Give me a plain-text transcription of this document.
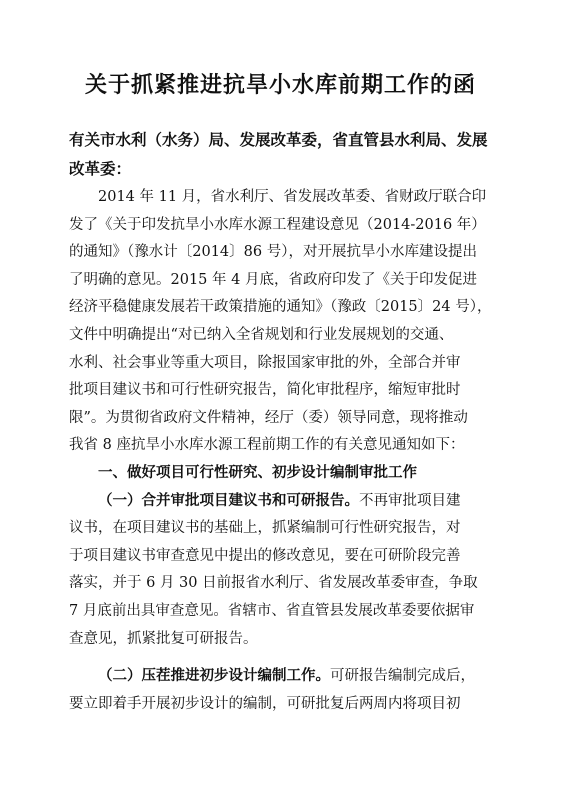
关于抓紧推进抗旱小水库前期工作的函
有关市水利（水务）局、发展改革委，省直管县水利局、发展
改革委：
2014 年 11 月，省水利厅、省发展改革委、省财政厅联合印
发了《关于印发抗旱小水库水源工程建设意见（2014-2016 年）
的通知》（豫水计〔2014〕86 号），对开展抗旱小水库建设提出
了明确的意见。2015 年 4 月底，省政府印发了《关于印发促进
经济平稳健康发展若干政策措施的通知》（豫政〔2015〕24 号），
文件中明确提出“对已纳入全省规划和行业发展规划的交通、
水利、社会事业等重大项目，除报国家审批的外，全部合并审
批项目建议书和可行性研究报告，简化审批程序，缩短审批时
限”。为贯彻省政府文件精神，经厅（委）领导同意，现将推动
我省 8 座抗旱小水库水源工程前期工作的有关意见通知如下：
一、做好项目可行性研究、初步设计编制审批工作
（一）合并审批项目建议书和可研报告。不再审批项目建
议书，在项目建议书的基础上，抓紧编制可行性研究报告，对
于项目建议书审查意见中提出的修改意见，要在可研阶段完善
落实，并于 6 月 30 日前报省水利厅、省发展改革委审查，争取
7 月底前出具审查意见。省辖市、省直管县发展改革委要依据审
查意见，抓紧批复可研报告。
（二）压茬推进初步设计编制工作。可研报告编制完成后，
要立即着手开展初步设计的编制，可研批复后两周内将项目初
